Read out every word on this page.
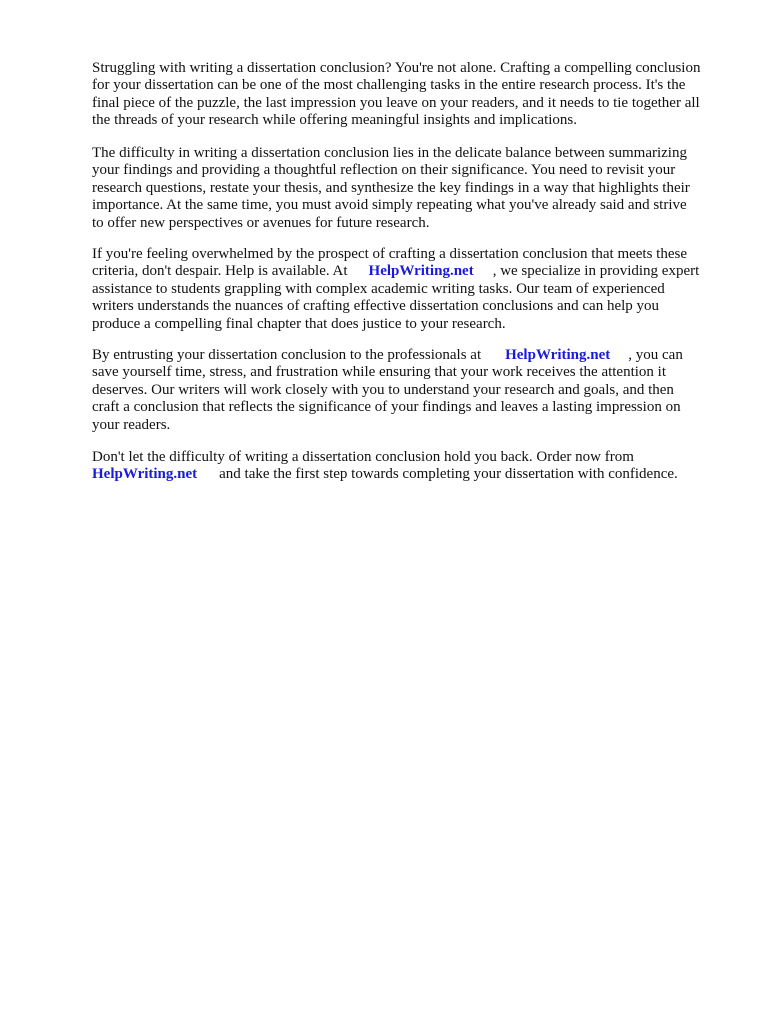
Struggling with writing a dissertation conclusion? You're not alone. Crafting a compelling conclusion
for your dissertation can be one of the most challenging tasks in the entire research process. It's the
final piece of the puzzle, the last impression you leave on your readers, and it needs to tie together all
the threads of your research while offering meaningful insights and implications.

The difficulty in writing a dissertation conclusion lies in the delicate balance between summarizing
your findings and providing a thoughtful reflection on their significance. You need to revisit your
research questions, restate your thesis, and synthesize the key findings in a way that highlights their
importance. At the same time, you must avoid simply repeating what you've already said and strive
to offer new perspectives or avenues for future research.

If you're feeling overwhelmed by the prospect of crafting a dissertation conclusion that meets these
criteria, don't despair. Help is available. At HelpWriting.net , we specialize in providing expert
assistance to students grappling with complex academic writing tasks. Our team of experienced
writers understands the nuances of crafting effective dissertation conclusions and can help you
produce a compelling final chapter that does justice to your research.

By entrusting your dissertation conclusion to the professionals at HelpWriting.net , you can
save yourself time, stress, and frustration while ensuring that your work receives the attention it
deserves. Our writers will work closely with you to understand your research and goals, and then
craft a conclusion that reflects the significance of your findings and leaves a lasting impression on
your readers.

Don't let the difficulty of writing a dissertation conclusion hold you back. Order now from
HelpWriting.net and take the first step towards completing your dissertation with confidence.
